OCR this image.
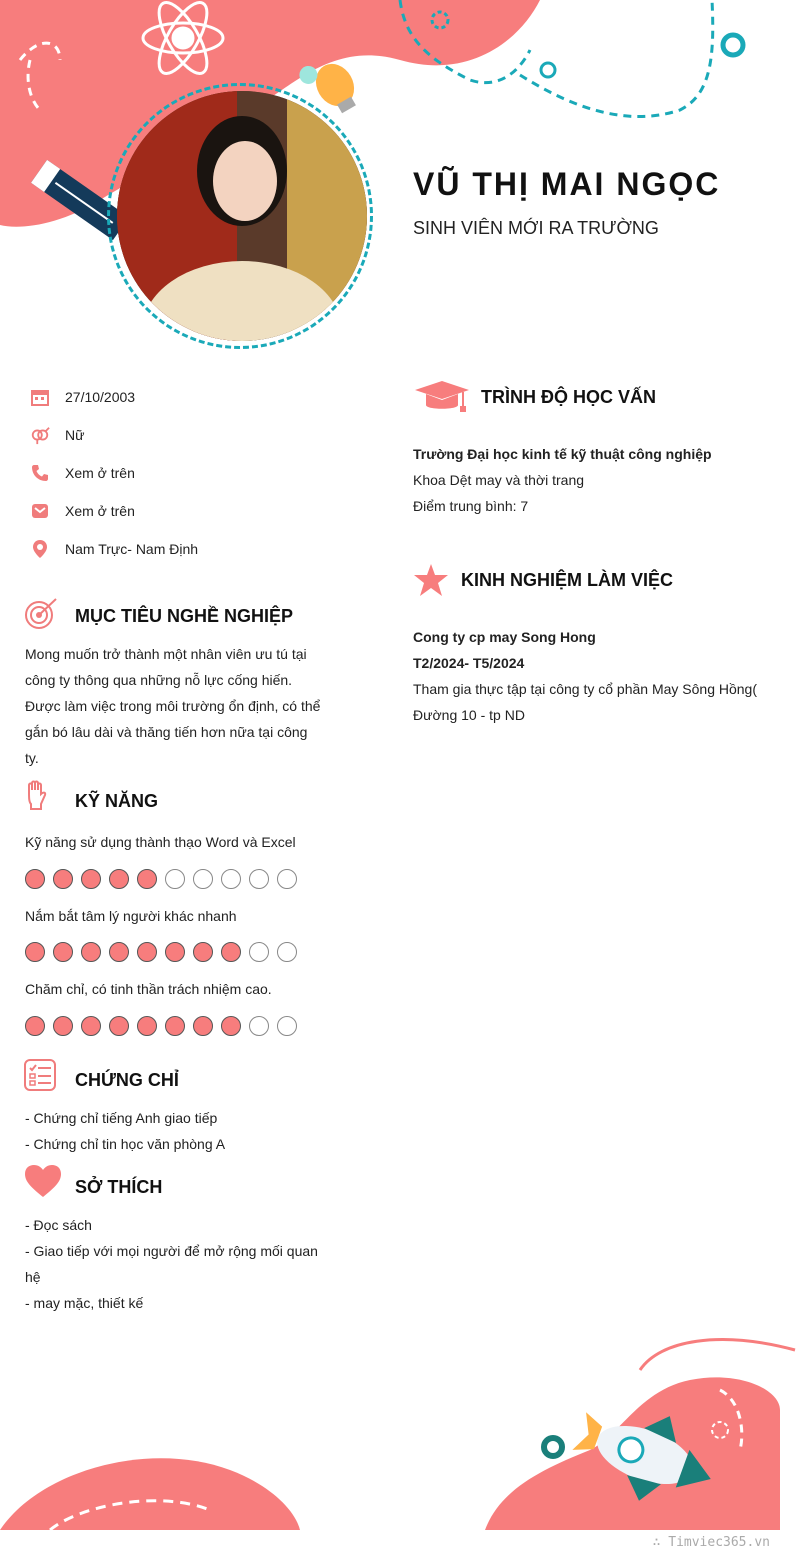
VŨ THỊ MAI NGỌC
SINH VIÊN MỚI RA TRƯỜNG
27/10/2003
Nữ
Xem ở trên
Xem ở trên
Nam Trực- Nam Định
MỤC TIÊU NGHỀ NGHIỆP
Mong muốn trở thành một nhân viên ưu tú tại
công ty thông qua những nỗ lực cống hiến.
Được làm việc trong môi trường ổn định, có thể
gắn bó lâu dài và thăng tiến hơn nữa tại công
ty.
KỸ NĂNG
Kỹ năng sử dụng thành thạo Word và Excel
Nắm bắt tâm lý người khác nhanh
Chăm chỉ, có tinh thần trách nhiệm cao.
CHỨNG CHỈ
- Chứng chỉ tiếng Anh giao tiếp
- Chứng chỉ tin học văn phòng A
SỞ THÍCH
- Đọc sách
- Giao tiếp với mọi người để mở rộng mối quan
hệ
- may mặc, thiết kế
TRÌNH ĐỘ HỌC VẤN
Trường Đại học kinh tế kỹ thuật công nghiệp
Khoa Dệt may và thời trang
Điểm trung bình: 7
KINH NGHIỆM LÀM VIỆC
Cong ty cp may Song Hong
T2/2024- T5/2024
Tham gia thực tập tại công ty cổ phần May Sông Hồng(
Đường 10 - tp ND
∴ Timviec365.vn
